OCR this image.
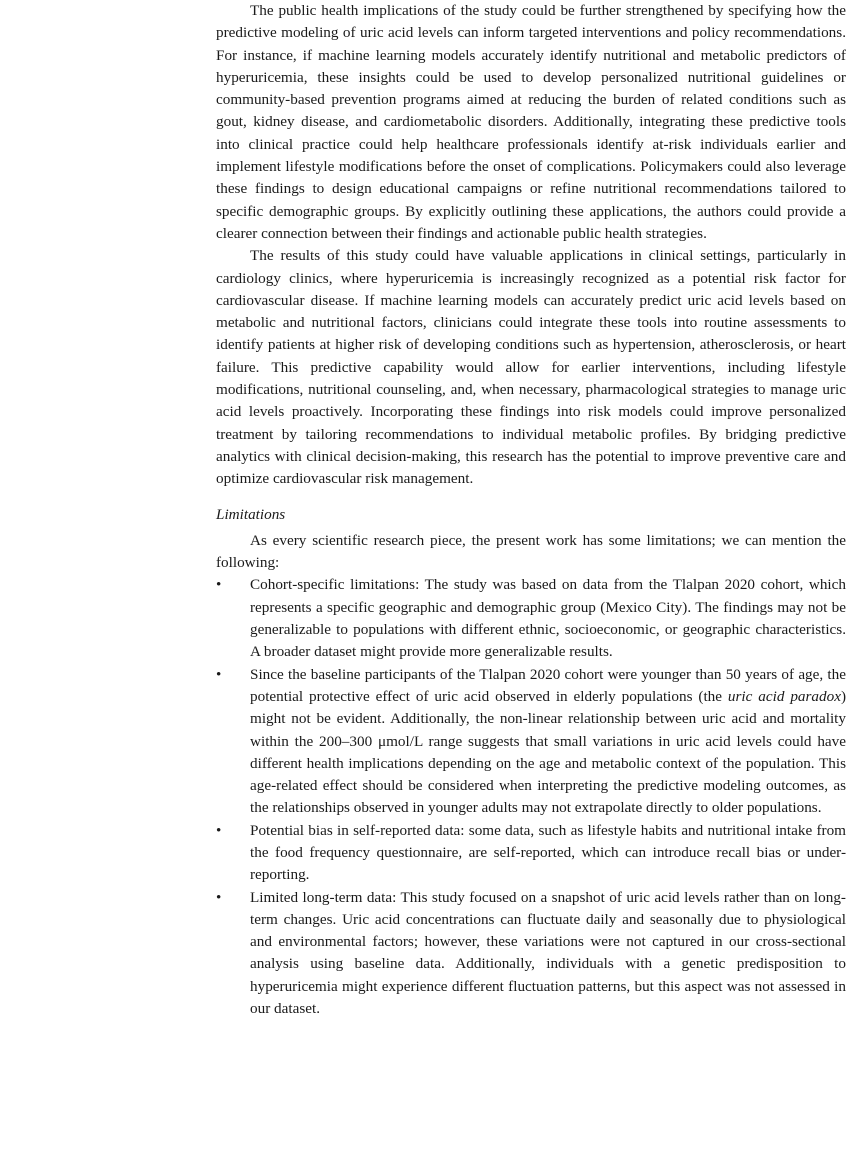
The public health implications of the study could be further strengthened by specifying how the predictive modeling of uric acid levels can inform targeted interventions and policy recommendations. For instance, if machine learning models accurately identify nutritional and metabolic predictors of hyperuricemia, these insights could be used to develop personalized nutritional guidelines or community-based prevention programs aimed at reducing the burden of related conditions such as gout, kidney disease, and cardiometabolic disorders. Additionally, integrating these predictive tools into clinical practice could help healthcare professionals identify at-risk individuals earlier and implement lifestyle modifications before the onset of complications. Policymakers could also leverage these findings to design educational campaigns or refine nutritional recommendations tailored to specific demographic groups. By explicitly outlining these applications, the authors could provide a clearer connection between their findings and actionable public health strategies.

The results of this study could have valuable applications in clinical settings, particularly in cardiology clinics, where hyperuricemia is increasingly recognized as a potential risk factor for cardiovascular disease. If machine learning models can accurately predict uric acid levels based on metabolic and nutritional factors, clinicians could integrate these tools into routine assessments to identify patients at higher risk of developing conditions such as hypertension, atherosclerosis, or heart failure. This predictive capability would allow for earlier interventions, including lifestyle modifications, nutritional counseling, and, when necessary, pharmacological strategies to manage uric acid levels proactively. Incorporating these findings into risk models could improve personalized treatment by tailoring recommendations to individual metabolic profiles. By bridging predictive analytics with clinical decision-making, this research has the potential to improve preventive care and optimize cardiovascular risk management.

Limitations

As every scientific research piece, the present work has some limitations; we can mention the following:

• Cohort-specific limitations: The study was based on data from the Tlalpan 2020 cohort, which represents a specific geographic and demographic group (Mexico City). The findings may not be generalizable to populations with different ethnic, socioeconomic, or geographic characteristics. A broader dataset might provide more generalizable results.
• Since the baseline participants of the Tlalpan 2020 cohort were younger than 50 years of age, the potential protective effect of uric acid observed in elderly populations (the uric acid paradox) might not be evident. Additionally, the non-linear relationship between uric acid and mortality within the 200–300 μmol/L range suggests that small variations in uric acid levels could have different health implications depending on the age and metabolic context of the population. This age-related effect should be considered when interpreting the predictive modeling outcomes, as the relationships observed in younger adults may not extrapolate directly to older populations.
• Potential bias in self-reported data: some data, such as lifestyle habits and nutritional intake from the food frequency questionnaire, are self-reported, which can introduce recall bias or under-reporting.
• Limited long-term data: This study focused on a snapshot of uric acid levels rather than on long-term changes. Uric acid concentrations can fluctuate daily and seasonally due to physiological and environmental factors; however, these variations were not captured in our cross-sectional analysis using baseline data. Additionally, individuals with a genetic predisposition to hyperuricemia might experience different fluctuation patterns, but this aspect was not assessed in our dataset.
